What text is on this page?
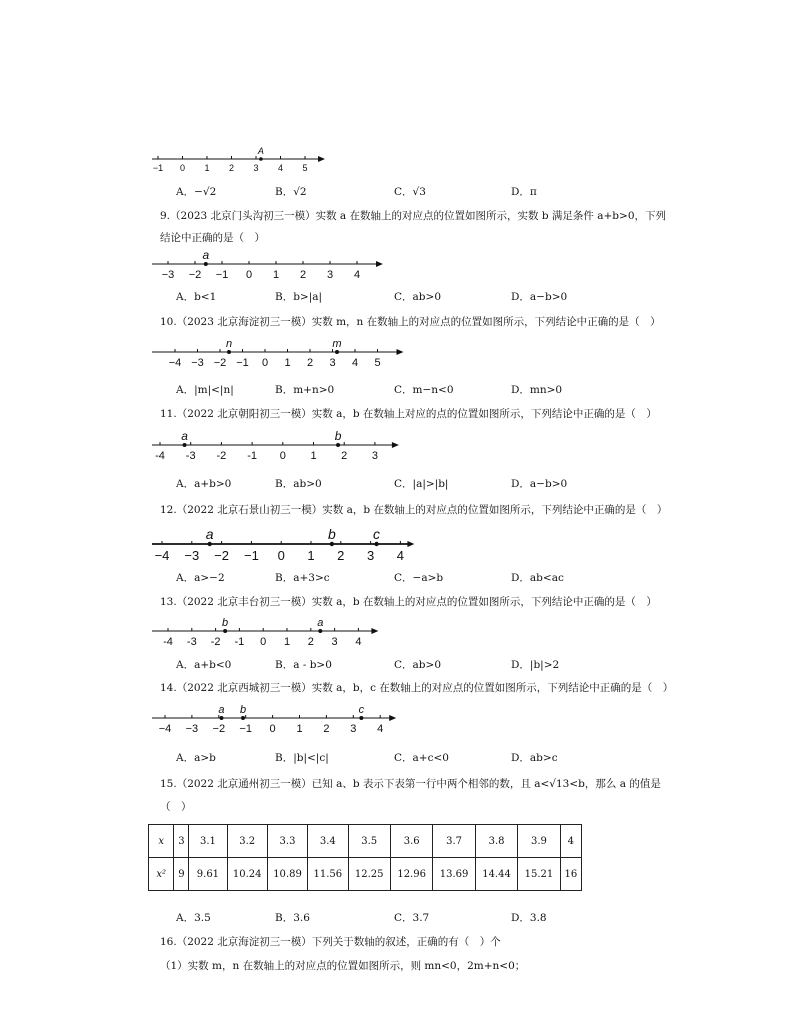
−1 0 1 2 3 4 5
A
A．−√2	B．√2	C．√3	D．π
9.（2023 北京门头沟初三一模）实数 a 在数轴上的对应点的位置如图所示，实数 b 满足条件 a+b>0，下列
结论中正确的是（　）
−3 −2 −1 0 1 2 3 4
a
A．b<1	B．b>|a|	C．ab>0	D．a−b>0
10.（2023 北京海淀初三一模）实数 m，n 在数轴上的对应点的位置如图所示，下列结论中正确的是（　）
−4 −3 −2 −1 0 1 2 3 4 5
n	m
A．|m|<|n|	B．m+n>0	C．m−n<0	D．mn>0
11.（2022 北京朝阳初三一模）实数 a，b 在数轴上对应的点的位置如图所示，下列结论中正确的是（　）
-4 -3 -2 -1 0 1 2 3
a	b
A．a+b>0	B．ab>0	C．|a|>|b|	D．a−b>0
12.（2022 北京石景山初三一模）实数 a，b 在数轴上的对应点的位置如图所示，下列结论中正确的是（　）
−4 −3 −2 −1 0 1 2 3 4
a	b	c
A．a>−2	B．a+3>c	C．−a>b	D．ab<ac
13.（2022 北京丰台初三一模）实数 a，b 在数轴上的对应点的位置如图所示，下列结论中正确的是（　）
-4 -3 -2 -1 0 1 2 3 4
b	a
A．a+b<0	B．a - b>0	C．ab>0	D．|b|>2
14.（2022 北京西城初三一模）实数 a，b，c 在数轴上的对应点的位置如图所示，下列结论中正确的是（　）
−4 −3 −2 −1 0 1 2 3 4
a b	c
A．a>b	B．|b|<|c|	C．a+c<0	D．ab>c
15.（2022 北京通州初三一模）已知 a、b 表示下表第一行中两个相邻的数，且 a<√13<b，那么 a 的值是
（　）
x	3	3.1	3.2	3.3	3.4	3.5	3.6	3.7	3.8	3.9	4
x²	9	9.61	10.24	10.89	11.56	12.25	12.96	13.69	14.44	15.21	16
A．3.5	B．3.6	C．3.7	D．3.8
16.（2022 北京海淀初三一模）下列关于数轴的叙述，正确的有（　）个
（1）实数 m，n 在数轴上的对应点的位置如图所示，则 mn<0，2m+n<0；
